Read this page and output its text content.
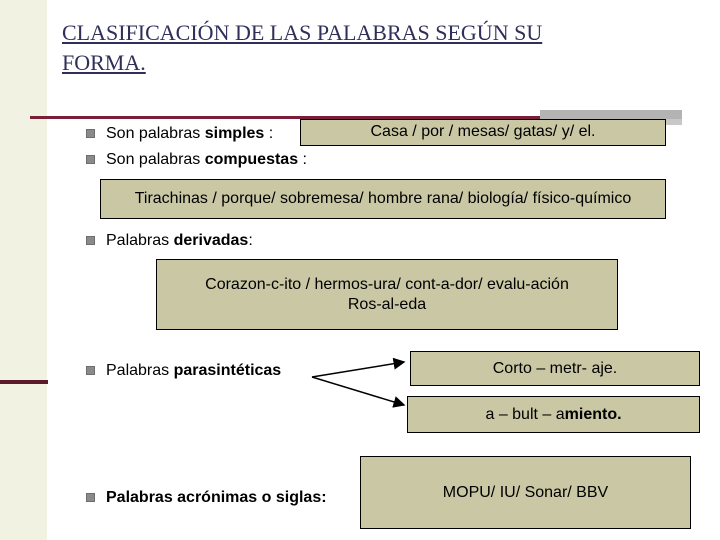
CLASIFICACIÓN DE LAS PALABRAS SEGÚN SU
FORMA.
Son palabras simples :	Casa / por / mesas/ gatas/ y/ el.
Son palabras compuestas :
Tirachinas / porque/ sobremesa/ hombre rana/ biología/ físico-químico
Palabras derivadas:
Corazon-c-ito / hermos-ura/ cont-a-dor/ evalu-ación
Ros-al-eda
Palabras parasintéticas	Corto – metr- aje.
a – bult – amiento.
Palabras acrónimas o siglas:	MOPU/ IU/ Sonar/ BBV
